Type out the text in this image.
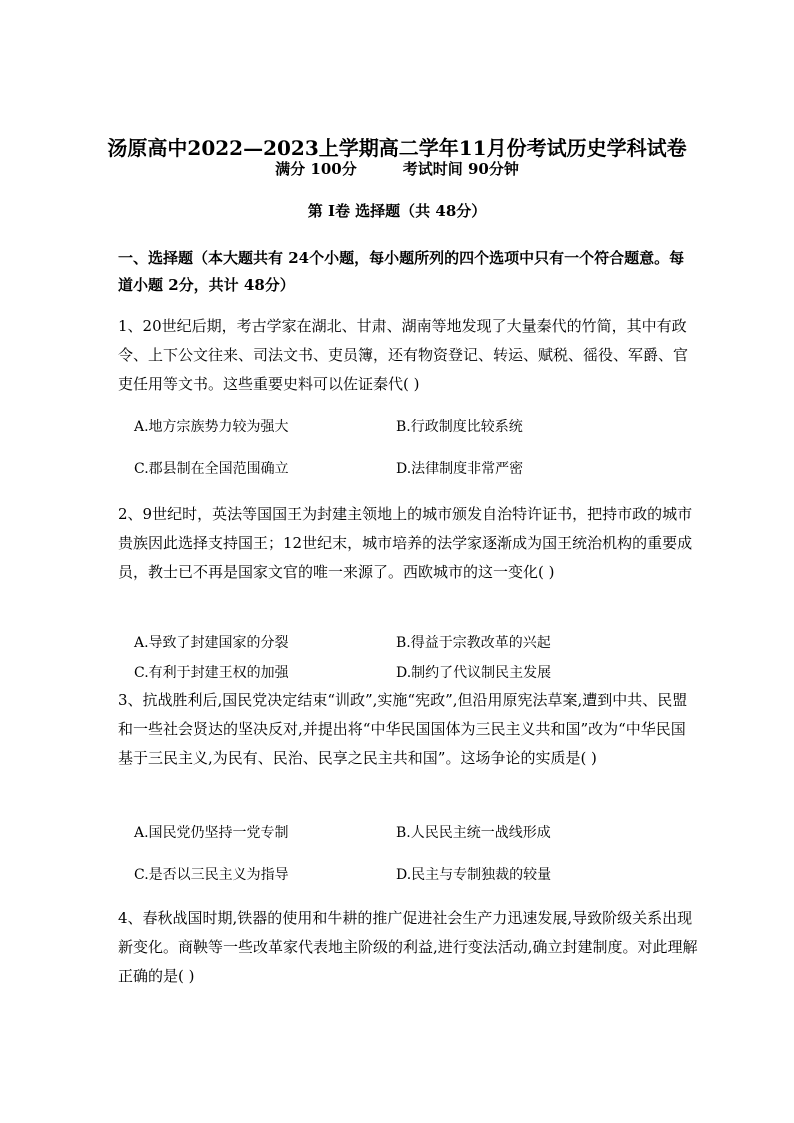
汤原高中2022—2023上学期高二学年11月份考试历史学科试卷
满分 100分	考试时间 90分钟
第 I卷 选择题（共 48分）
一、选择题（本大题共有 24个小题，每小题所列的四个选项中只有一个符合题意。每道小题 2分，共计 48分）
1、20世纪后期，考古学家在湖北、甘肃、湖南等地发现了大量秦代的竹简，其中有政令、上下公文往来、司法文书、吏员簿，还有物资登记、转运、赋税、徭役、军爵、官吏任用等文书。这些重要史料可以佐证秦代( )
A.地方宗族势力较为强大	B.行政制度比较系统
C.郡县制在全国范围确立	D.法律制度非常严密
2、9世纪时，英法等国国王为封建主领地上的城市颁发自治特许证书，把持市政的城市贵族因此选择支持国王；12世纪末，城市培养的法学家逐渐成为国王统治机构的重要成员，教士已不再是国家文官的唯一来源了。西欧城市的这一变化( )
A.导致了封建国家的分裂	B.得益于宗教改革的兴起
C.有利于封建王权的加强	D.制约了代议制民主发展
3、抗战胜利后,国民党决定结束“训政”,实施“宪政”,但沿用原宪法草案,遭到中共、民盟和一些社会贤达的坚决反对,并提出将“中华民国国体为三民主义共和国”改为“中华民国基于三民主义,为民有、民治、民享之民主共和国”。这场争论的实质是( )
A.国民党仍坚持一党专制	B.人民民主统一战线形成
C.是否以三民主义为指导	D.民主与专制独裁的较量
4、春秋战国时期,铁器的使用和牛耕的推广促进社会生产力迅速发展,导致阶级关系出现新变化。商鞅等一些改革家代表地主阶级的利益,进行变法活动,确立封建制度。对此理解正确的是( )
